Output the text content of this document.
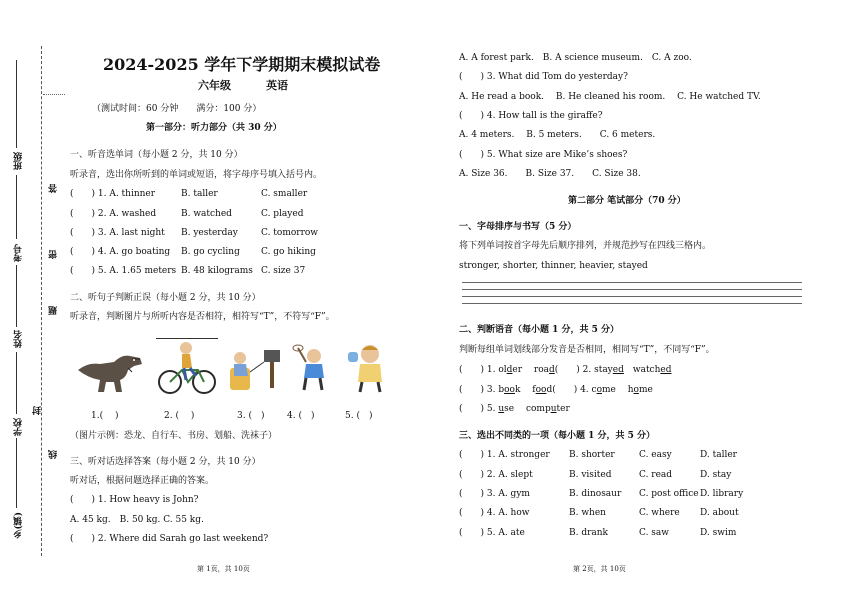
班级
考号
姓名
学校
乡(镇)
答
密
题
封
线
2024-2025 学年下学期期末模拟试卷
六年级	英语
（测试时间：60 分钟　　满分：100 分）
第一部分：听力部分（共 30 分）
一、听音选单词（每小题 2 分，共 10 分）
听录音，选出你所听到的单词或短语，将字母序号填入括号内。
(　　) 1. A. thinner	B. taller	C. smaller
(　　) 2. A. washed	B. watched	C. played
(　　) 3. A. last night B. yesterday	C. tomorrow
(　　) 4. A. go boating B. go cycling C. go hiking
(　　) 5. A. 1.65 meters B. 48 kilograms C. size 37
二、听句子判断正误（每小题 2 分，共 10 分）
听录音，判断图片与所听内容是否相符，相符写“T”，不符写“F”。
1.(　 )	2. (　 )	3. (　)	4. (　)	5. (　)
（图片示例：恐龙、自行车、书房、划船、洗袜子）
三、听对话选择答案（每小题 2 分，共 10 分）
听对话，根据问题选择正确的答案。
(　　) 1. How heavy is John?
A. 45 kg.　B. 50 kg. C. 55 kg.
(　　) 2. Where did Sarah go last weekend?
第 1页，共 10页
A. A forest park.　B. A science museum.　C. A zoo.
(　　) 3. What did Tom do yesterday?
A. He read a book.　 B. He cleaned his room.　 C. He watched TV.
(　　) 4. How tall is the giraffe?
A. 4 meters.　 B. 5 meters.　　C. 6 meters.
(　　) 5. What size are Mike’s shoes?
A. Size 36.　　B. Size 37.　　C. Size 38.
第二部分 笔试部分（70 分）
一、字母排序与书写（5 分）
将下列单词按首字母先后顺序排列，并规范抄写在四线三格内。
stronger, shorter, thinner, heavier, stayed
二、判断语音（每小题 1 分，共 5 分）
判断每组单词划线部分发音是否相同，相同写“T”，不同写“F”。
(　　) 1. older　 road(　　) 2. stayed　watched
(　　) 3. book　 food(　　) 4. come　 home
(　　) 5. use　 computer
三、选出不同类的一项（每小题 1 分，共 5 分）
(　　) 1. A. stronger B. shorter	C. easy	D. taller
(　　) 2. A. slept	B. visited	C. read	D. stay
(　　) 3. A. gym	B. dinosaur C. post office D. library
(　　) 4. A. how	B. when	C. where D. about
(　　) 5. A. ate	B. drank	C. saw	D. swim
第 2页，共 10页
